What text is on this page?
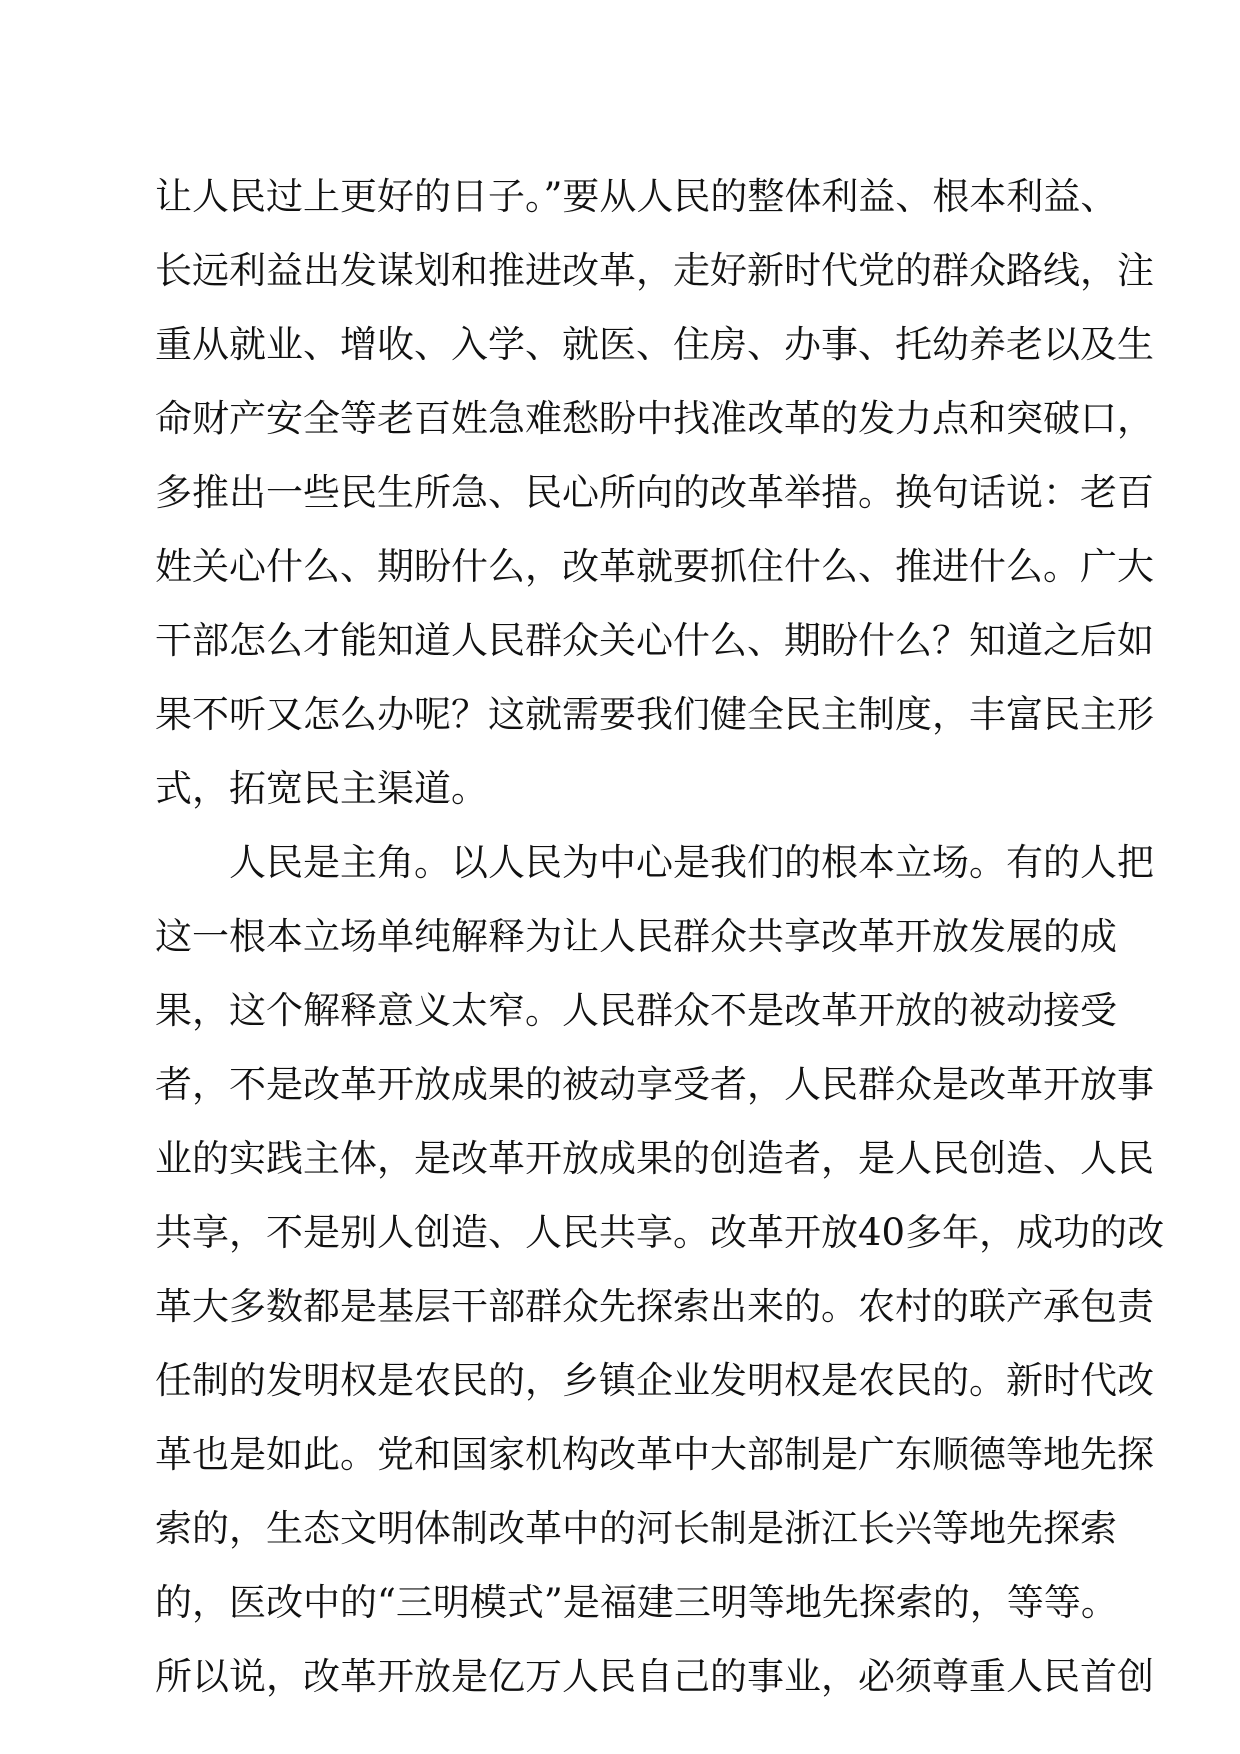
让人民过上更好的日子。”要从人民的整体利益、根本利益、
长远利益出发谋划和推进改革，走好新时代党的群众路线，注
重从就业、增收、入学、就医、住房、办事、托幼养老以及生
命财产安全等老百姓急难愁盼中找准改革的发力点和突破口，
多推出一些民生所急、民心所向的改革举措。换句话说：老百
姓关心什么、期盼什么，改革就要抓住什么、推进什么。广大
干部怎么才能知道人民群众关心什么、期盼什么？知道之后如
果不听又怎么办呢？这就需要我们健全民主制度，丰富民主形
式，拓宽民主渠道。
人民是主角。以人民为中心是我们的根本立场。有的人把
这一根本立场单纯解释为让人民群众共享改革开放发展的成
果，这个解释意义太窄。人民群众不是改革开放的被动接受
者，不是改革开放成果的被动享受者，人民群众是改革开放事
业的实践主体，是改革开放成果的创造者，是人民创造、人民
共享，不是别人创造、人民共享。改革开放40多年，成功的改
革大多数都是基层干部群众先探索出来的。农村的联产承包责
任制的发明权是农民的，乡镇企业发明权是农民的。新时代改
革也是如此。党和国家机构改革中大部制是广东顺德等地先探
索的，生态文明体制改革中的河长制是浙江长兴等地先探索
的，医改中的“三明模式”是福建三明等地先探索的，等等。
所以说，改革开放是亿万人民自己的事业，必须尊重人民首创
